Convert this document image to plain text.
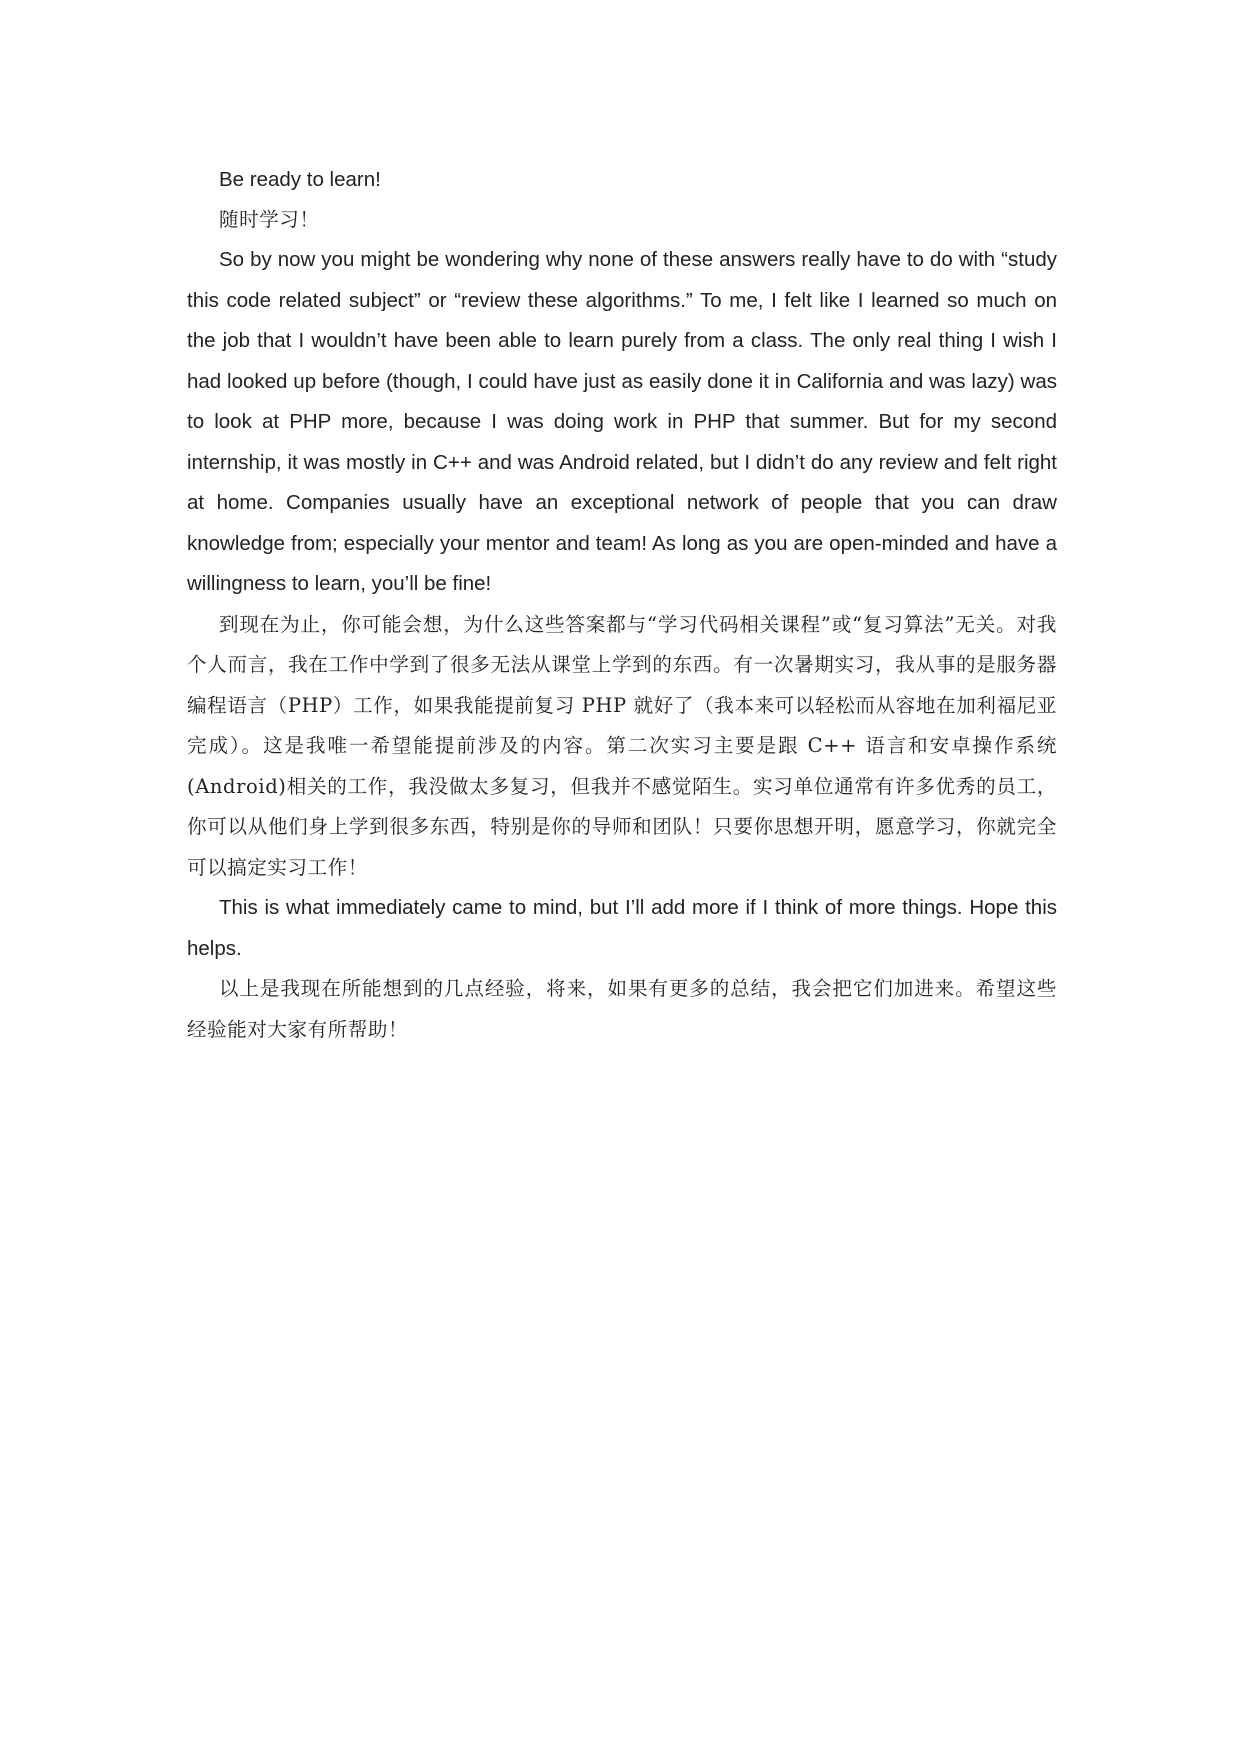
Be ready to learn!

随时学习！

So by now you might be wondering why none of these answers really have to do with “study this code related subject” or “review these algorithms.” To me, I felt like I learned so much on the job that I wouldn’t have been able to learn purely from a class. The only real thing I wish I had looked up before (though, I could have just as easily done it in California and was lazy) was to look at PHP more, because I was doing work in PHP that summer. But for my second internship, it was mostly in C++ and was Android related, but I didn’t do any review and felt right at home. Companies usually have an exceptional network of people that you can draw knowledge from; especially your mentor and team! As long as you are open-minded and have a willingness to learn, you’ll be fine!

到现在为止，你可能会想，为什么这些答案都与“学习代码相关课程”或“复习算法”无关。对我个人而言，我在工作中学到了很多无法从课堂上学到的东西。有一次暑期实习，我从事的是服务器编程语言（PHP）工作，如果我能提前复习 PHP 就好了（我本来可以轻松而从容地在加利福尼亚完成）。这是我唯一希望能提前涉及的内容。第二次实习主要是跟 C++ 语言和安卓操作系统(Android)相关的工作，我没做太多复习，但我并不感觉陌生。实习单位通常有许多优秀的员工，你可以从他们身上学到很多东西，特别是你的导师和团队！只要你思想开明，愿意学习，你就完全可以搞定实习工作！

This is what immediately came to mind, but I’ll add more if I think of more things. Hope this helps.

以上是我现在所能想到的几点经验，将来，如果有更多的总结，我会把它们加进来。希望这些经验能对大家有所帮助！
